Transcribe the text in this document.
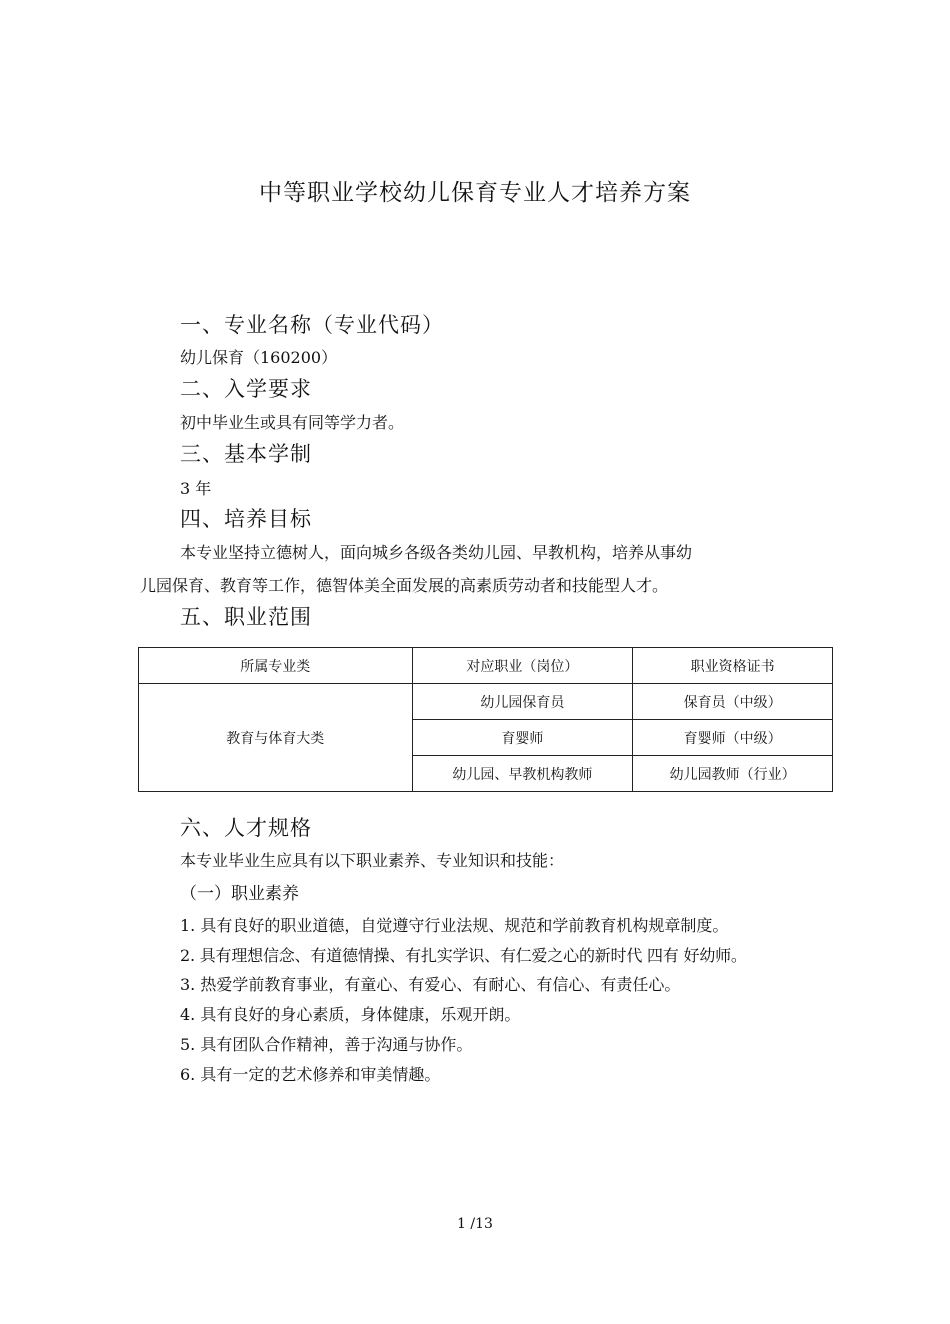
中等职业学校幼儿保育专业人才培养方案
一、专业名称（专业代码）
幼儿保育（160200）
二、入学要求
初中毕业生或具有同等学力者。
三、基本学制
3 年
四、培养目标
本专业坚持立德树人，面向城乡各级各类幼儿园、早教机构，培养从事幼
儿园保育、教育等工作，德智体美全面发展的高素质劳动者和技能型人才。
五、职业范围
所属专业类	对应职业（岗位）	职业资格证书
教育与体育大类	幼儿园保育员	保育员（中级）
	育婴师	育婴师（中级）
	幼儿园、早教机构教师	幼儿园教师（行业）
六、人才规格
本专业毕业生应具有以下职业素养、专业知识和技能：
（一）职业素养
1. 具有良好的职业道德，自觉遵守行业法规、规范和学前教育机构规章制度。
2. 具有理想信念、有道德情操、有扎实学识、有仁爱之心的新时代 四有 好幼师。
3. 热爱学前教育事业，有童心、有爱心、有耐心、有信心、有责任心。
4. 具有良好的身心素质，身体健康，乐观开朗。
5. 具有团队合作精神，善于沟通与协作。
6. 具有一定的艺术修养和审美情趣。
1 /13
